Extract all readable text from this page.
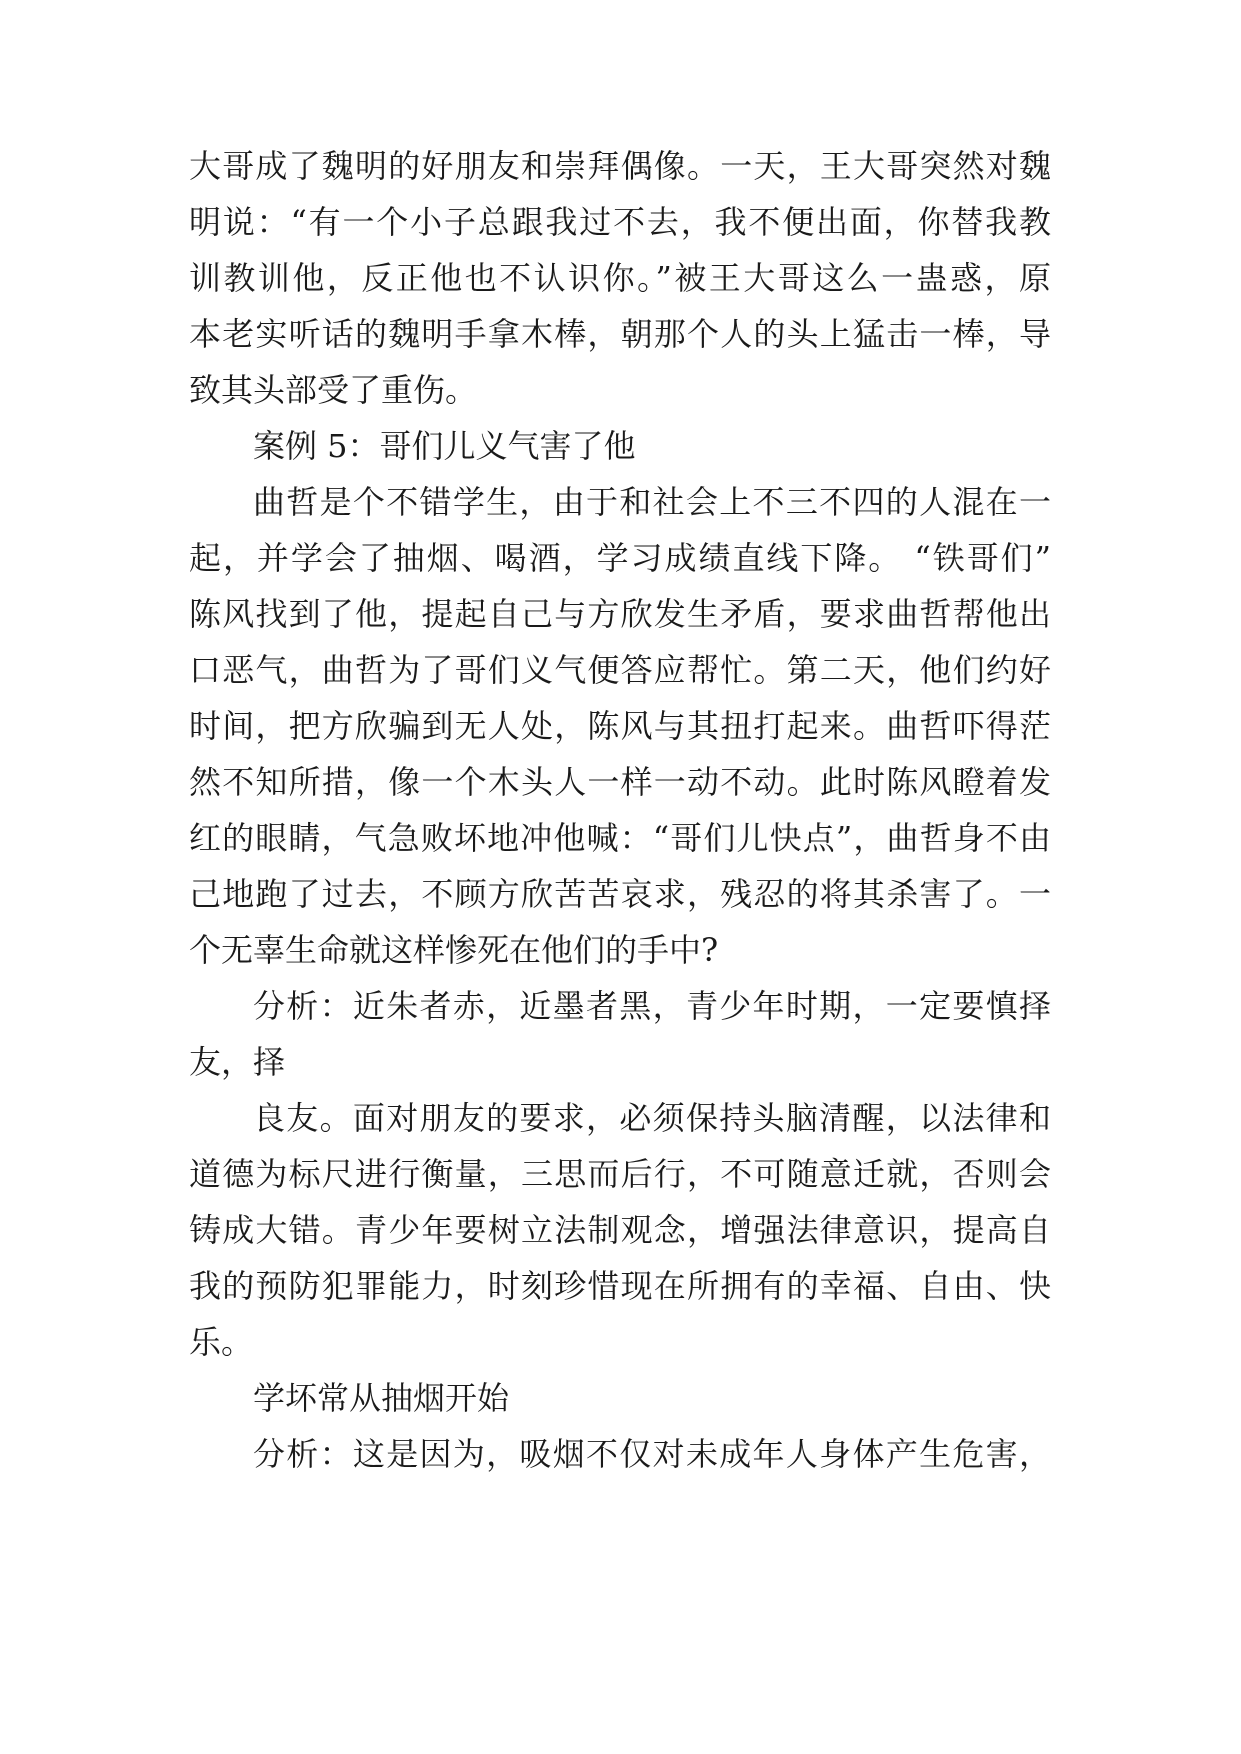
大哥成了魏明的好朋友和崇拜偶像。一天，王大哥突然对魏
明说：“有一个小子总跟我过不去，我不便出面，你替我教
训教训他，反正他也不认识你。”被王大哥这么一蛊惑，原
本老实听话的魏明手拿木棒，朝那个人的头上猛击一棒，导
致其头部受了重伤。
案例 5：哥们儿义气害了他
曲哲是个不错学生，由于和社会上不三不四的人混在一
起，并学会了抽烟、喝酒，学习成绩直线下降。 “铁哥们”
陈风找到了他，提起自己与方欣发生矛盾，要求曲哲帮他出
口恶气，曲哲为了哥们义气便答应帮忙。第二天，他们约好
时间，把方欣骗到无人处，陈风与其扭打起来。曲哲吓得茫
然不知所措，像一个木头人一样一动不动。此时陈风瞪着发
红的眼睛，气急败坏地冲他喊：“哥们儿快点”，曲哲身不由
己地跑了过去，不顾方欣苦苦哀求，残忍的将其杀害了。一
个无辜生命就这样惨死在他们的手中?
分析：近朱者赤，近墨者黑，青少年时期，一定要慎择
友，择
良友。面对朋友的要求，必须保持头脑清醒，以法律和
道德为标尺进行衡量，三思而后行，不可随意迁就，否则会
铸成大错。青少年要树立法制观念，增强法律意识，提高自
我的预防犯罪能力，时刻珍惜现在所拥有的幸福、自由、快
乐。
学坏常从抽烟开始
分析：这是因为，吸烟不仅对未成年人身体产生危害，
